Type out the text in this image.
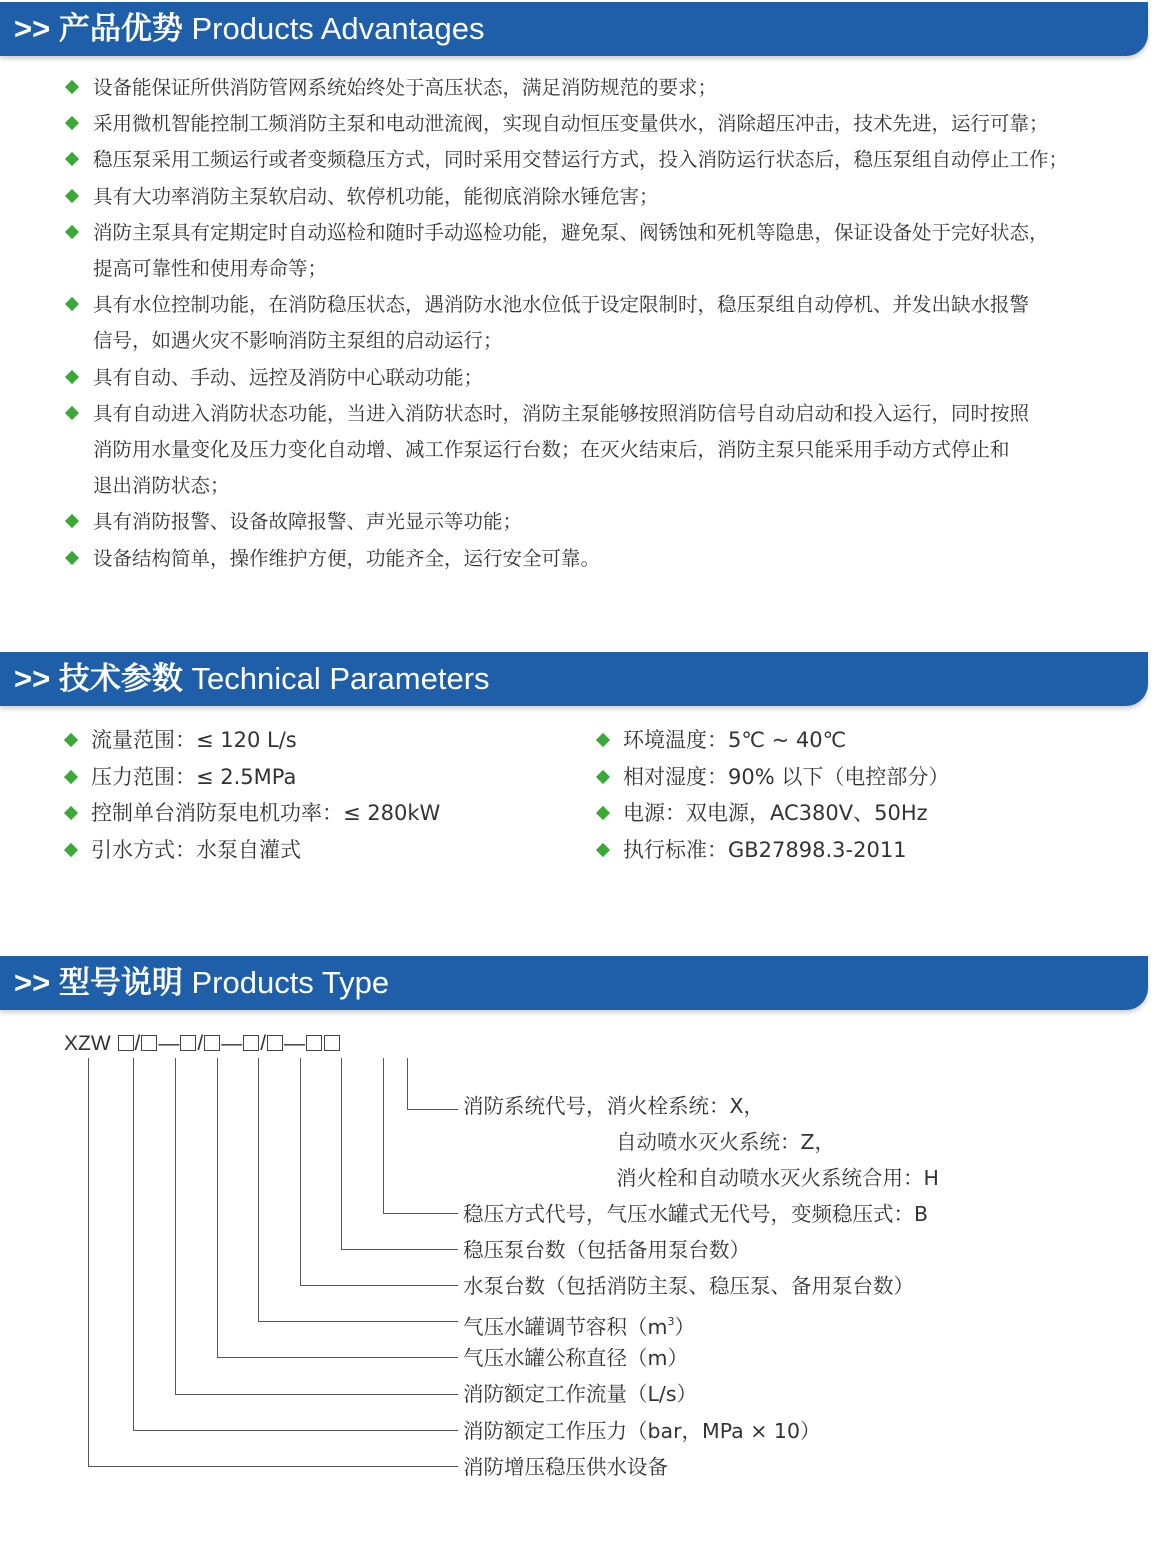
>> 产品优势 Products Advantages
设备能保证所供消防管网系统始终处于高压状态，满足消防规范的要求；
采用微机智能控制工频消防主泵和电动泄流阀，实现自动恒压变量供水，消除超压冲击，技术先进，运行可靠；
稳压泵采用工频运行或者变频稳压方式，同时采用交替运行方式，投入消防运行状态后，稳压泵组自动停止工作；
具有大功率消防主泵软启动、软停机功能，能彻底消除水锤危害；
消防主泵具有定期定时自动巡检和随时手动巡检功能，避免泵、阀锈蚀和死机等隐患，保证设备处于完好状态，
提高可靠性和使用寿命等；
具有水位控制功能，在消防稳压状态，遇消防水池水位低于设定限制时，稳压泵组自动停机、并发出缺水报警
信号，如遇火灾不影响消防主泵组的启动运行；
具有自动、手动、远控及消防中心联动功能；
具有自动进入消防状态功能，当进入消防状态时，消防主泵能够按照消防信号自动启动和投入运行，同时按照
消防用水量变化及压力变化自动增、减工作泵运行台数；在灭火结束后，消防主泵只能采用手动方式停止和
退出消防状态；
具有消防报警、设备故障报警、声光显示等功能；
设备结构简单，操作维护方便，功能齐全，运行安全可靠。
>> 技术参数 Technical Parameters
流量范围：≤ 120 L/s
压力范围：≤ 2.5MPa
控制单台消防泵电机功率：≤ 280kW
引水方式：水泵自灌式
环境温度：5℃ ~ 40℃
相对湿度：90% 以下（电控部分）
电源：双电源，AC380V、50Hz
执行标准：GB27898.3-2011
>> 型号说明 Products Type
XZW / — / — / —
消防系统代号，消火栓系统：X，
自动喷水灭火系统：Z，
消火栓和自动喷水灭火系统合用：H
稳压方式代号，气压水罐式无代号，变频稳压式：B
稳压泵台数（包括备用泵台数）
水泵台数（包括消防主泵、稳压泵、备用泵台数）
气压水罐调节容积$(m^3)$
气压水罐公称直径（m）
消防额定工作流量（L/s）
消防额定工作压力（bar，MPa × 10）
消防增压稳压供水设备
